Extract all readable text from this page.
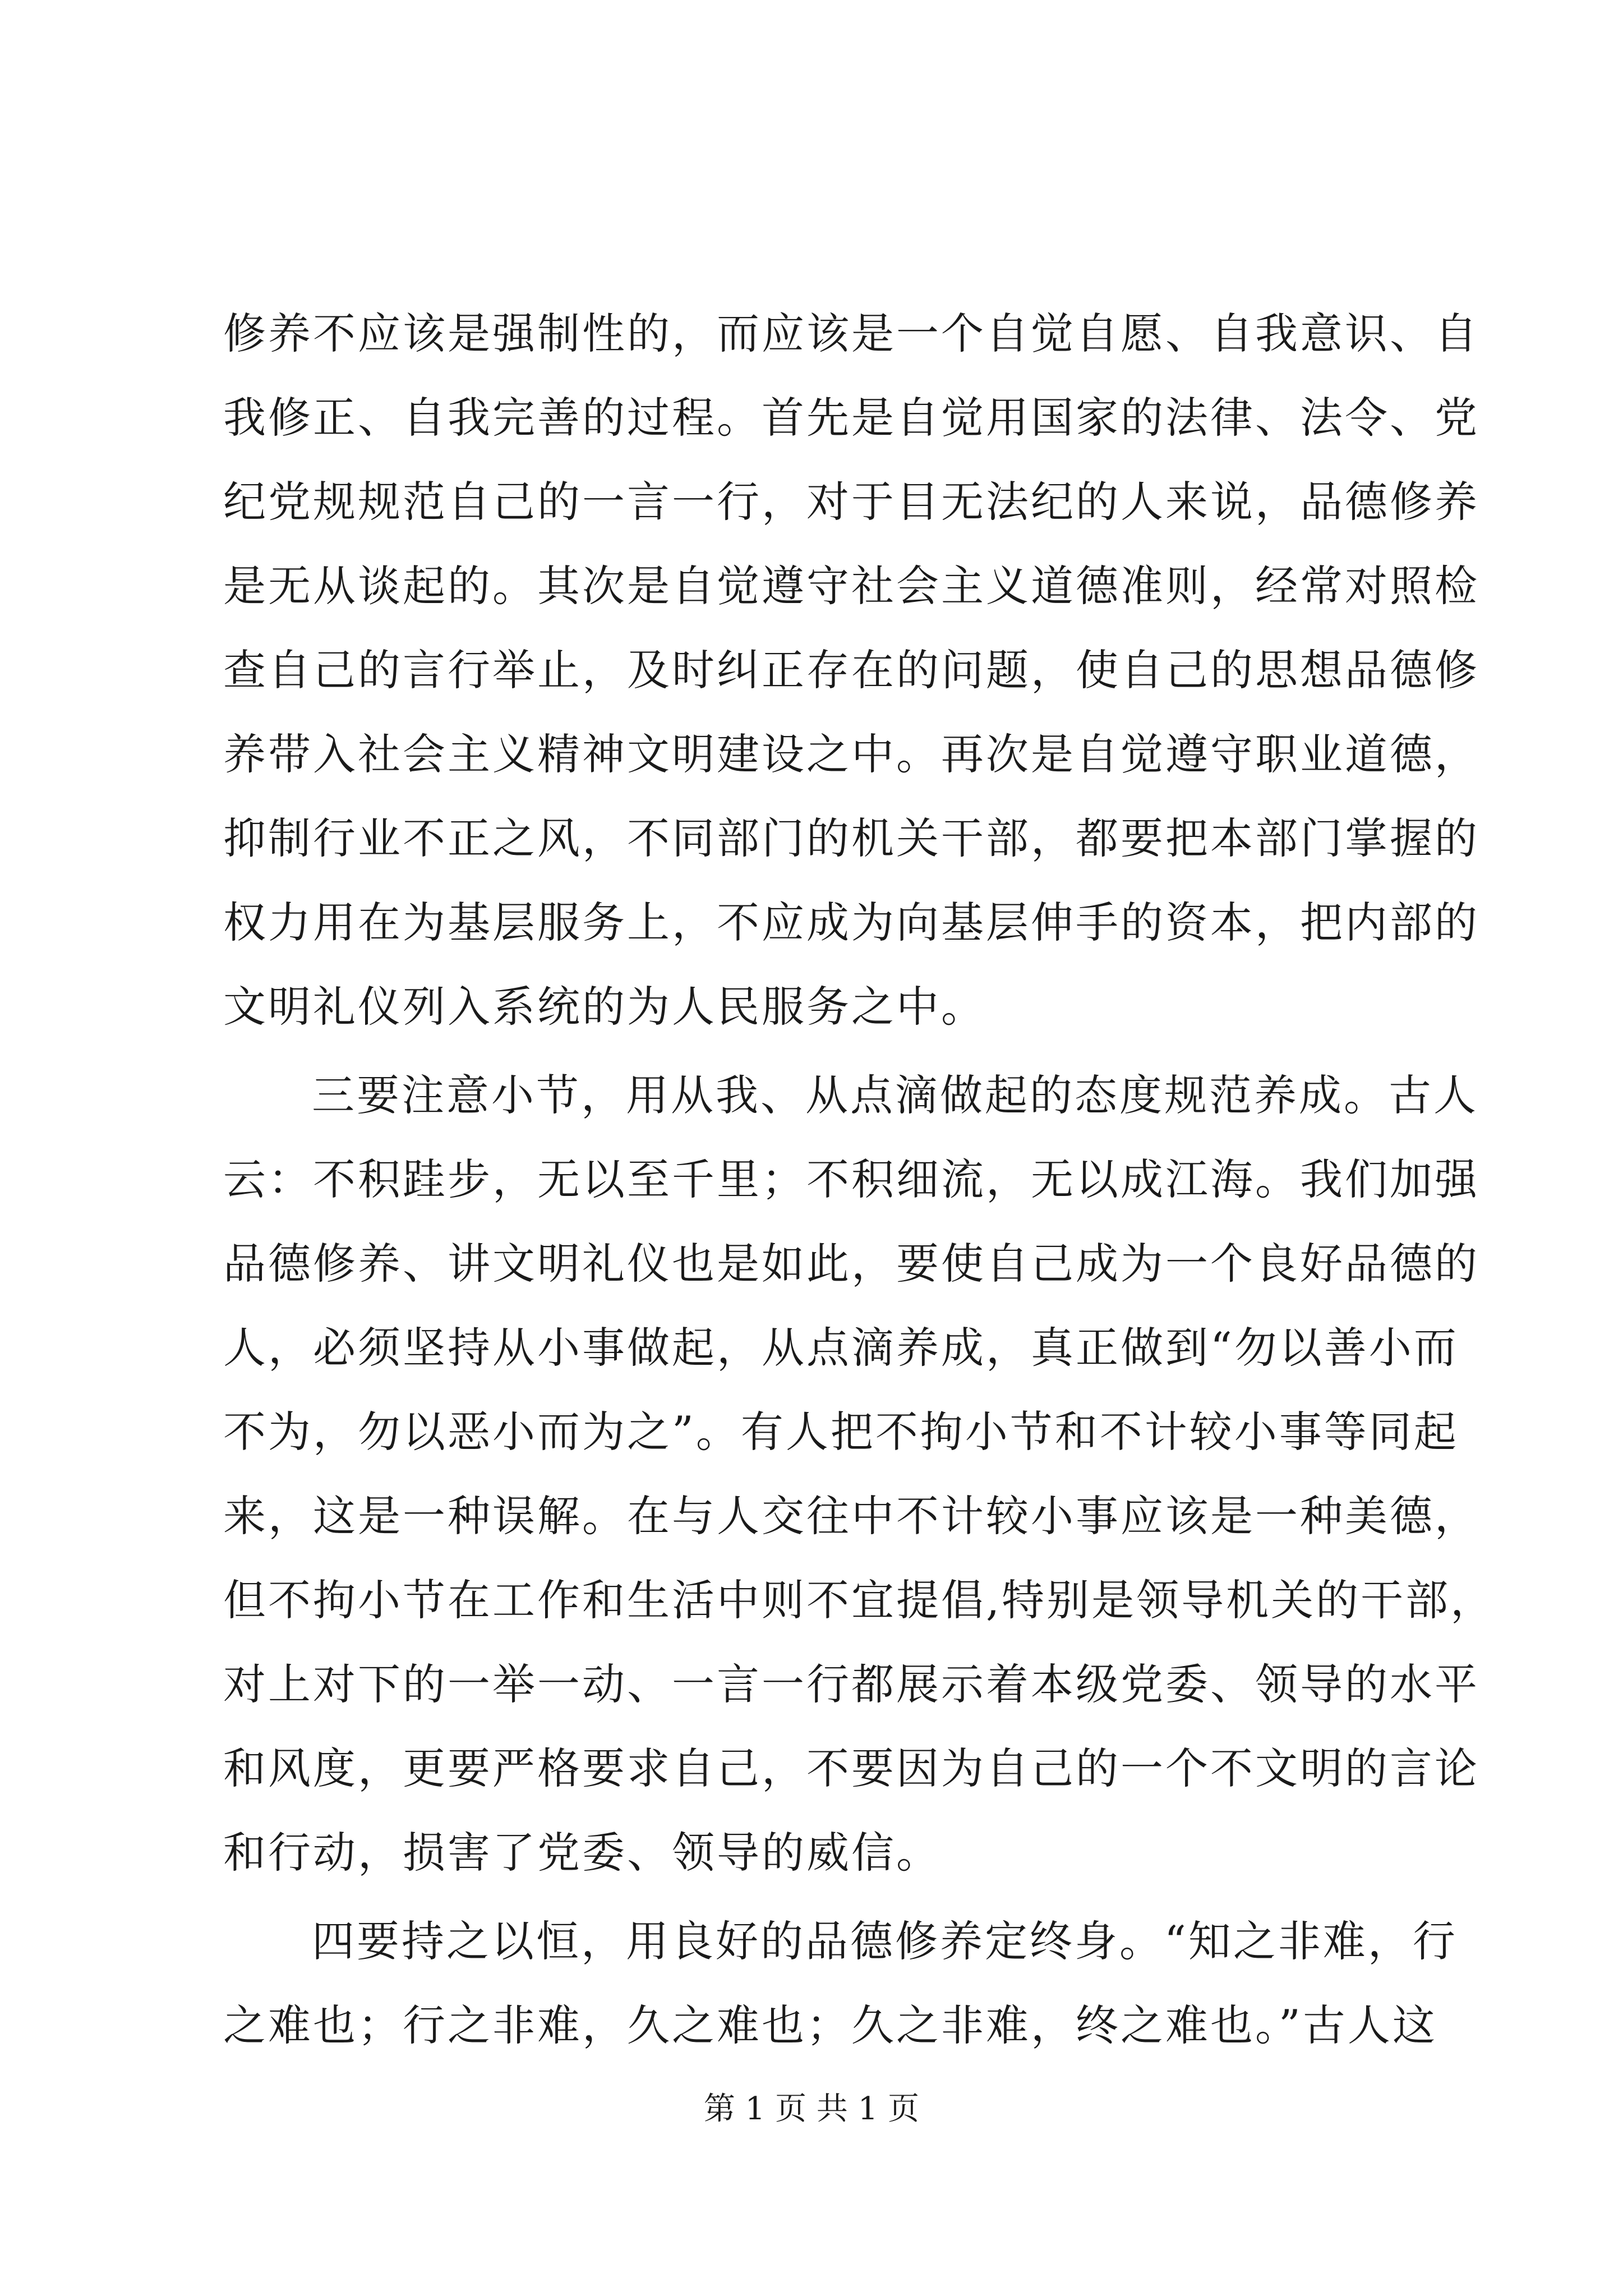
修养不应该是强制性的，而应该是一个自觉自愿、自我意识、自
我修正、自我完善的过程。首先是自觉用国家的法律、法令、党
纪党规规范自己的一言一行，对于目无法纪的人来说，品德修养
是无从谈起的。其次是自觉遵守社会主义道德准则，经常对照检
查自己的言行举止，及时纠正存在的问题，使自己的思想品德修
养带入社会主义精神文明建设之中。再次是自觉遵守职业道德，
抑制行业不正之风，不同部门的机关干部，都要把本部门掌握的
权力用在为基层服务上，不应成为向基层伸手的资本，把内部的
文明礼仪列入系统的为人民服务之中。
三要注意小节，用从我、从点滴做起的态度规范养成。古人
云：不积跬步，无以至千里；不积细流，无以成江海。我们加强
品德修养、讲文明礼仪也是如此，要使自己成为一个良好品德的
人，必须坚持从小事做起，从点滴养成，真正做到“勿以善小而
不为，勿以恶小而为之”。有人把不拘小节和不计较小事等同起
来，这是一种误解。在与人交往中不计较小事应该是一种美德，
但不拘小节在工作和生活中则不宜提倡,特别是领导机关的干部，
对上对下的一举一动、一言一行都展示着本级党委、领导的水平
和风度，更要严格要求自己，不要因为自己的一个不文明的言论
和行动，损害了党委、领导的威信。
四要持之以恒，用良好的品德修养定终身。“知之非难，行
之难也；行之非难，久之难也；久之非难，终之难也。”古人这
第 1 页 共 1 页
